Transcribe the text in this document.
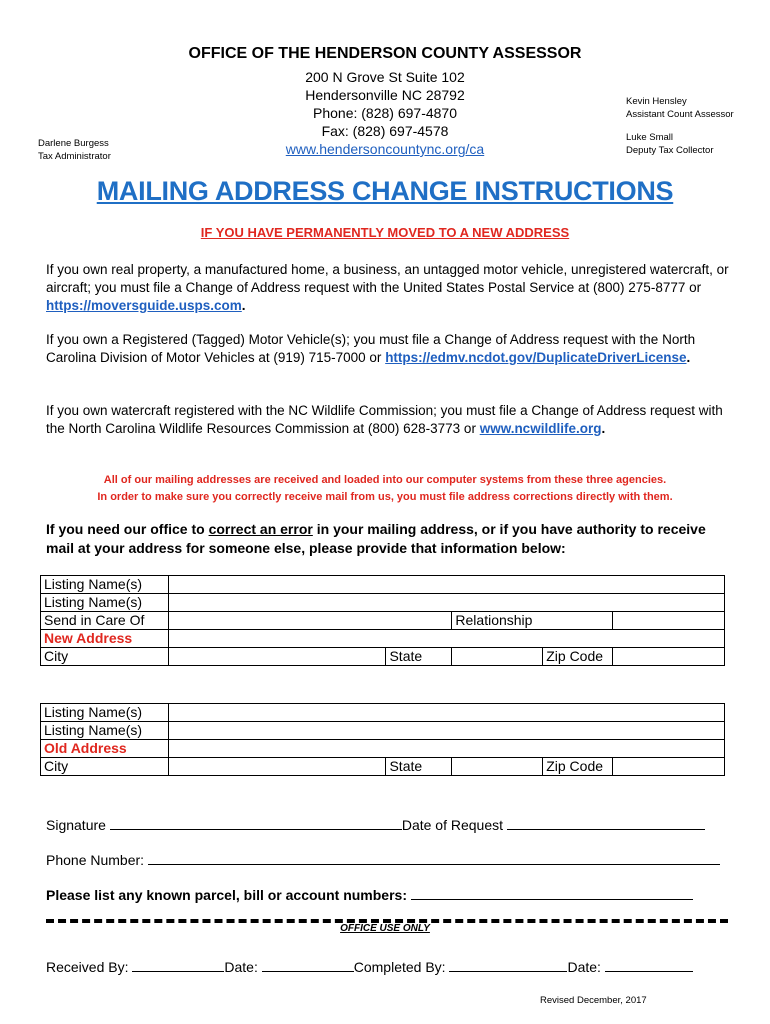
OFFICE OF THE HENDERSON COUNTY ASSESSOR
200 N Grove St Suite 102
Hendersonville NC 28792
Phone: (828) 697-4870
Fax: (828) 697-4578
www.hendersoncountync.org/ca
Darlene Burgess
Tax Administrator
Kevin Hensley
Assistant Count Assessor
Luke Small
Deputy Tax Collector
MAILING ADDRESS CHANGE INSTRUCTIONS
IF YOU HAVE PERMANENTLY MOVED TO A NEW ADDRESS
If you own real property, a manufactured home, a business, an untagged motor vehicle, unregistered watercraft, or aircraft; you must file a Change of Address request with the United States Postal Service at (800) 275-8777 or https://moversguide.usps.com.
If you own a Registered (Tagged) Motor Vehicle(s); you must file a Change of Address request with the North Carolina Division of Motor Vehicles at (919) 715-7000 or https://edmv.ncdot.gov/DuplicateDriverLicense.
If you own watercraft registered with the NC Wildlife Commission; you must file a Change of Address request with the North Carolina Wildlife Resources Commission at (800) 628-3773 or www.ncwildlife.org.
All of our mailing addresses are received and loaded into our computer systems from these three agencies.
In order to make sure you correctly receive mail from us, you must file address corrections directly with them.
If you need our office to correct an error in your mailing address, or if you have authority to receive mail at your address for someone else, please provide that information below:
Listing Name(s)					
Listing Name(s)					
Send in Care Of			Relationship		
New Address					
City		State		Zip Code	
Listing Name(s)					
Listing Name(s)					
Old Address					
City		State		Zip Code	
Signature	Date of Request
Phone Number:
Please list any known parcel, bill or account numbers:
OFFICE USE ONLY
Received By:	Date:	Completed By:	Date:
Revised December, 2017
